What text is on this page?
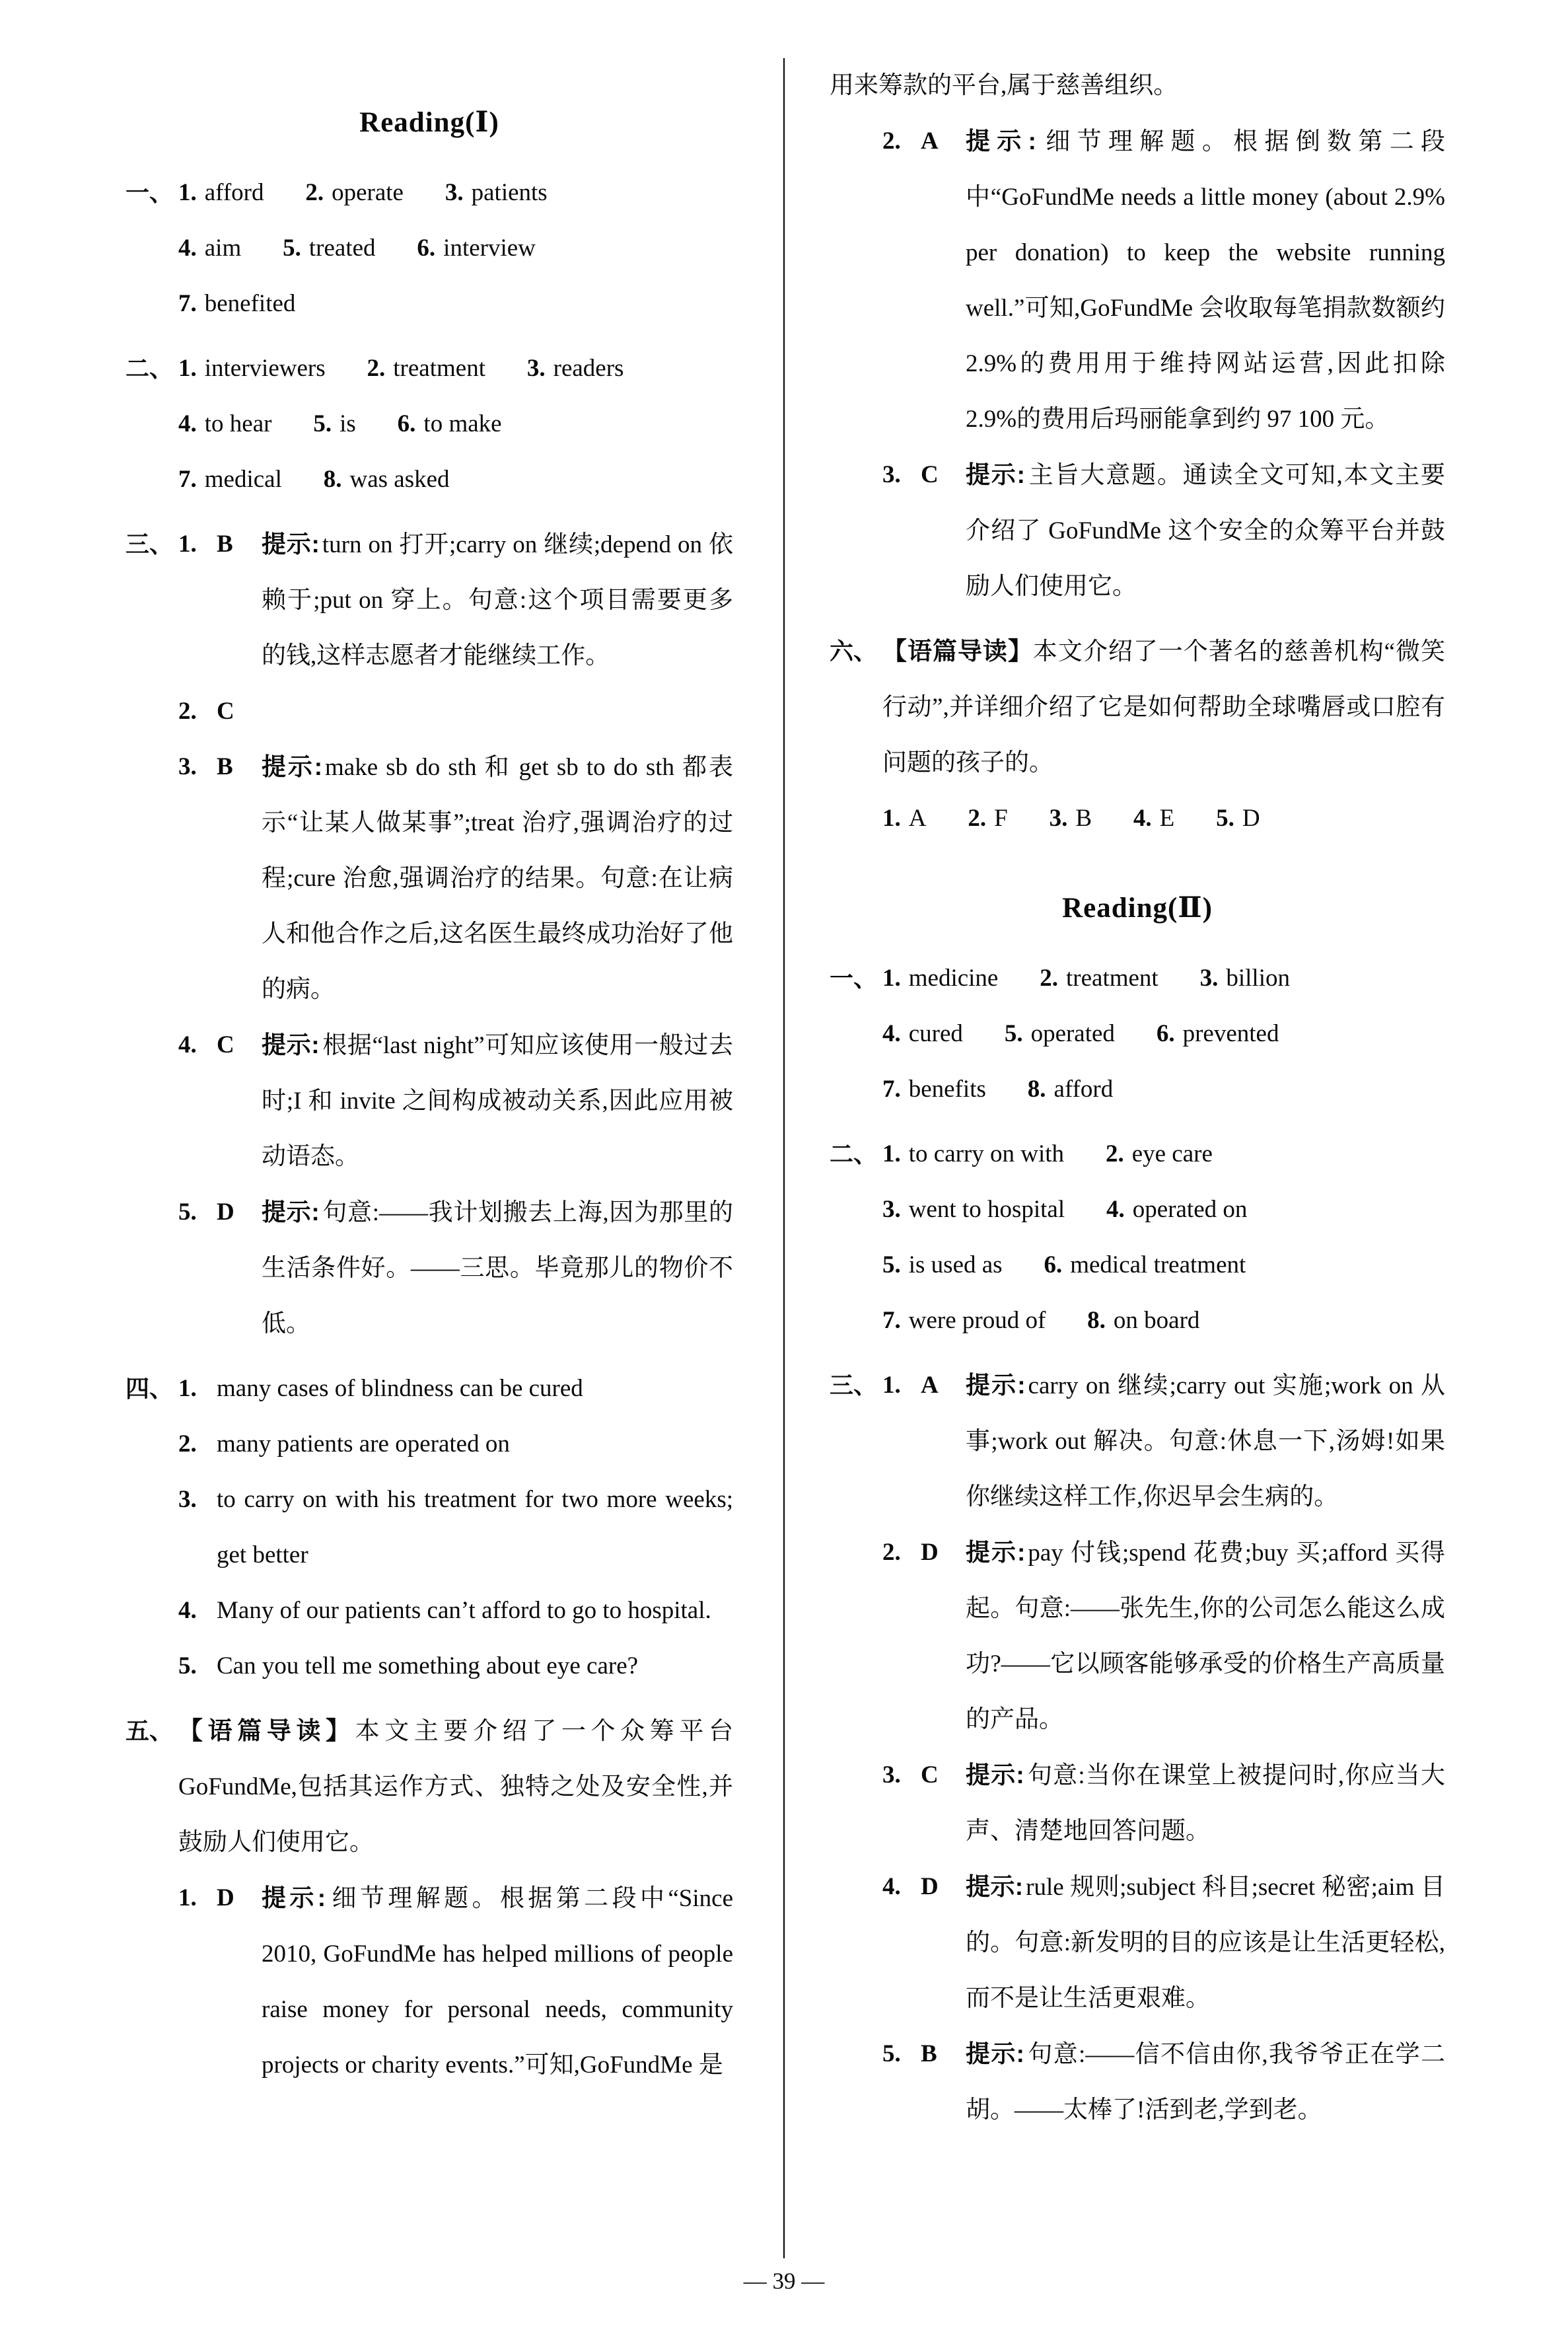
Reading(Ⅰ)
一、 1. afford 2. operate 3. patients
4. aim 5. treated 6. interview
7. benefited
二、 1. interviewers 2. treatment 3. readers
4. to hear 5. is 6. to make
7. medical 8. was asked
三、 1. B	提示: turn on 打开;carry on 继续;depend on 依赖于;put on 穿上。句意:这个项目需要更多的钱,这样志愿者才能继续工作。
2. C
3. B	提示: make sb do sth 和 get sb to do sth 都表示“让某人做某事”;treat 治疗,强调治疗的过程;cure 治愈,强调治疗的结果。句意:在让病人和他合作之后,这名医生最终成功治好了他的病。
4. C	提示: 根据“last night”可知应该使用一般过去时;I 和 invite 之间构成被动关系,因此应用被动语态。
5. D	提示: 句意:——我计划搬去上海,因为那里的生活条件好。——三思。毕竟那儿的物价不低。
四、 1. many cases of blindness can be cured
2. many patients are operated on
3. to carry on with his treatment for two more weeks; get better
4. Many of our patients can’t afford to go to hospital.
5. Can you tell me something about eye care?
五、 【语篇导读】本文主要介绍了一个众筹平台GoFundMe,包括其运作方式、独特之处及安全性,并鼓励人们使用它。
1. D	提示: 细节理解题。根据第二段中“Since 2010, GoFundMe has helped millions of people raise money for personal needs, community projects or charity events.”可知,GoFundMe 是

用来筹款的平台,属于慈善组织。

2. A	提示: 细节理解题。根据倒数第二段中“GoFundMe needs a little money (about 2.9% per donation) to keep the website running well.”可知,GoFundMe 会收取每笔捐款数额约 2.9%的费用用于维持网站运营,因此扣除 2.9%的费用后玛丽能拿到约 97 100 元。
3. C	提示: 主旨大意题。通读全文可知,本文主要介绍了 GoFundMe 这个安全的众筹平台并鼓励人们使用它。
六、 【语篇导读】本文介绍了一个著名的慈善机构“微笑行动”,并详细介绍了它是如何帮助全球嘴唇或口腔有问题的孩子的。
1. A 2. F 3. B 4. E 5. D
Reading(Ⅱ)
一、 1. medicine 2. treatment 3. billion
4. cured 5. operated 6. prevented
7. benefits 8. afford
二、 1. to carry on with 2. eye care
3. went to hospital 4. operated on
5. is used as 6. medical treatment
7. were proud of 8. on board
三、 1. A	提示: carry on 继续;carry out 实施;work on 从事;work out 解决。句意:休息一下,汤姆!如果你继续这样工作,你迟早会生病的。
2. D	提示: pay 付钱;spend 花费;buy 买;afford 买得起。句意:——张先生,你的公司怎么能这么成功?——它以顾客能够承受的价格生产高质量的产品。
3. C	提示: 句意:当你在课堂上被提问时,你应当大声、清楚地回答问题。
4. D	提示: rule 规则;subject 科目;secret 秘密;aim 目的。句意:新发明的目的应该是让生活更轻松,而不是让生活更艰难。
5. B	提示: 句意:——信不信由你,我爷爷正在学二胡。——太棒了!活到老,学到老。
— 39 —
